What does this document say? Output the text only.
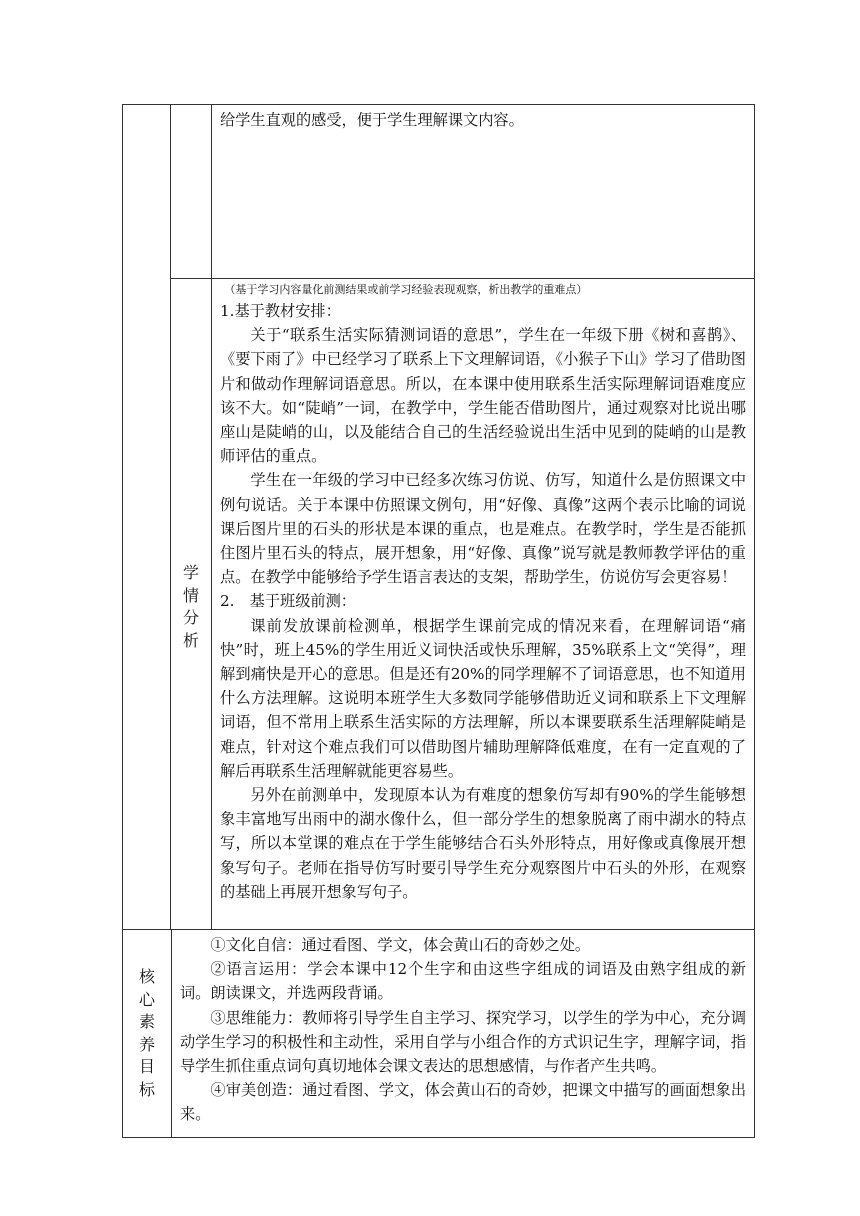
给学生直观的感受，便于学生理解课文内容。

学
情
分
析

（基于学习内容量化前测结果或前学习经验表现观察，析出教学的重难点）

1.基于教材安排：

关于“联系生活实际猜测词语的意思”，学生在一年级下册《树和喜鹊》、《要下雨了》中已经学习了联系上下文理解词语，《小猴子下山》学习了借助图片和做动作理解词语意思。所以，在本课中使用联系生活实际理解词语难度应该不大。如“陡峭”一词，在教学中，学生能否借助图片，通过观察对比说出哪座山是陡峭的山，以及能结合自己的生活经验说出生活中见到的陡峭的山是教师评估的重点。

学生在一年级的学习中已经多次练习仿说、仿写，知道什么是仿照课文中例句说话。关于本课中仿照课文例句，用“好像、真像”这两个表示比喻的词说课后图片里的石头的形状是本课的重点，也是难点。在教学时，学生是否能抓住图片里石头的特点，展开想象，用“好像、真像”说写就是教师教学评估的重点。在教学中能够给予学生语言表达的支架，帮助学生，仿说仿写会更容易！

2.　基于班级前测：

课前发放课前检测单，根据学生课前完成的情况来看，在理解词语“痛快”时，班上45%的学生用近义词快活或快乐理解，35%联系上文“笑得”，理解到痛快是开心的意思。但是还有20%的同学理解不了词语意思，也不知道用什么方法理解。这说明本班学生大多数同学能够借助近义词和联系上下文理解词语，但不常用上联系生活实际的方法理解，所以本课要联系生活理解陡峭是难点，针对这个难点我们可以借助图片辅助理解降低难度，在有一定直观的了解后再联系生活理解就能更容易些。

另外在前测单中，发现原本认为有难度的想象仿写却有90%的学生能够想象丰富地写出雨中的湖水像什么，但一部分学生的想象脱离了雨中湖水的特点写，所以本堂课的难点在于学生能够结合石头外形特点，用好像或真像展开想象写句子。老师在指导仿写时要引导学生充分观察图片中石头的外形，在观察的基础上再展开想象写句子。

核
心
素
养
目
标

①文化自信：通过看图、学文，体会黄山石的奇妙之处。

②语言运用：学会本课中12个生字和由这些字组成的词语及由熟字组成的新词。朗读课文，并选两段背诵。

③思维能力：教师将引导学生自主学习、探究学习，以学生的学为中心，充分调动学生学习的积极性和主动性，采用自学与小组合作的方式识记生字，理解字词，指导学生抓住重点词句真切地体会课文表达的思想感情，与作者产生共鸣。

④审美创造：通过看图、学文，体会黄山石的奇妙，把课文中描写的画面想象出来。
